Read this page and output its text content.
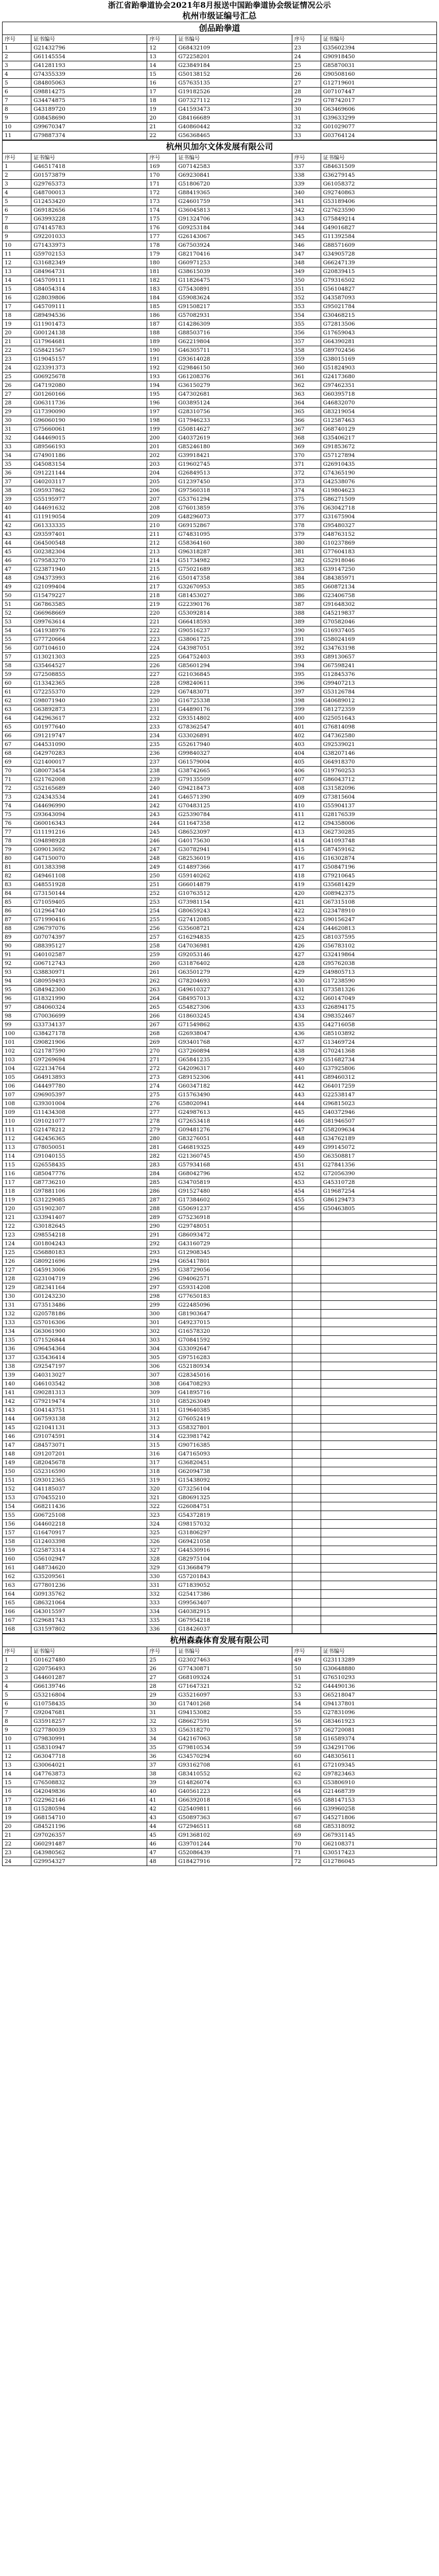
浙江省跆拳道协会2021年8月报送中国跆拳道协会级证情况公示
杭州市级证编号汇总
创品跆拳道
序号	证书编号	序号	证书编号	序号	证书编号
1	G21432796	12	G68432109	23	G35602394
2	G61145554	13	G72258201	24	G90918450
3	G41281193	14	G23849184	25	G85870031
4	G74355339	15	G50138152	26	G90508160
5	G84805063	16	G57635135	27	G12719601
6	G98814275	17	G19182526	28	G07107447
7	G34474875	18	G07327112	29	G78742017
8	G43189720	19	G41593473	30	G63469606
9	G08458690	20	G84166689	31	G39633299
10	G99670347	21	G40860442	32	G01029077
11	G79887374	22	G56368465	33	G03764124
杭州贝加尔文体发展有限公司
序号	证书编号	序号	证书编号	序号	证书编号
1	G46517418	169	G07142583	337	G84631509
2	G01573879	170	G69230841	338	G36279145
3	G29765373	171	G51806720	339	G61058372
4	G48700013	172	G88419365	340	G92740863
5	G12453420	173	G24601759	341	G53189406
6	G69182656	174	G36045813	342	G27623590
7	G63993228	175	G91324706	343	G75849214
8	G74145783	176	G09253184	344	G49016827
9	G92201033	177	G26143067	345	G11392584
10	G71433973	178	G67503924	346	G88571609
11	G59702153	179	G82170416	347	G34905728
12	G31682349	180	G60971253	348	G66247139
13	G84964731	181	G38615039	349	G20839415
14	G45709111	182	G11826475	350	G79316502
15	G84054314	183	G75430891	351	G56104827
16	G28039806	184	G59083624	352	G43587093
17	G45709111	185	G91508217	353	G95021784
18	G89494536	186	G57082931	354	G30468215
19	G11901473	187	G14286309	355	G72813506
20	G00124138	188	G88503716	356	G17659043
21	G17964681	189	G62219804	357	G64390281
22	G58421567	190	G46305711	358	G89702456
23	G19045157	191	G93614028	359	G38015169
24	G23391373	192	G29846150	360	G51824903
25	G06925678	193	G61208376	361	G24173680
26	G47192080	194	G36150279	362	G97462351
27	G01260166	195	G47302681	363	G60395718
28	G06311736	196	G03895124	364	G46832070
29	G17390090	197	G28310756	365	G83219054
30	G96060190	198	G17946233	366	G12587463
31	G75660061	199	G50814627	367	G68740129
32	G44469015	200	G40372619	368	G35406217
33	G89566193	201	G85246180	369	G91853672
34	G74901186	202	G39918421	370	G57127894
35	G45083154	203	G19602745	371	G26910435
36	G91221144	204	G26849513	372	G74365190
37	G40203117	205	G12397450	373	G42538076
38	G95937862	206	G97560318	374	G19804623
39	G55195977	207	G53761294	375	G86271509
40	G44691632	208	G76013859	376	G63042718
41	G11919054	209	G48296073	377	G31675904
42	G61333335	210	G69152867	378	G95480327
43	G93597401	211	G74831095	379	G48763152
44	G64500548	212	G58364160	380	G10237869
45	G02382304	213	G96318287	381	G77604183
46	G79583270	214	G51734982	382	G52918046
47	G23871940	215	G75021689	383	G39147250
48	G94373993	216	G50147358	384	G84385971
49	G21099404	217	G32670953	385	G60872134
50	G15479227	218	G81453027	386	G23406758
51	G67863585	219	G22390176	387	G91648302
52	G66968669	220	G53092814	388	G45219837
53	G99763614	221	G66418593	389	G70582046
54	G41938976	222	G90516237	390	G16937405
55	G77720664	223	G38061725	391	G58024169
56	G07104610	224	G43987051	392	G34763198
57	G13021303	225	G64752403	393	G89130657
58	G35464527	226	G85601294	394	G67598241
59	G72508855	227	G21036845	395	G12845376
60	G13342365	228	G98240611	396	G99407213
61	G72255370	229	G67483071	397	G53126784
62	G98071940	230	G16725338	398	G40689012
63	G63892873	231	G44890176	399	G81272359
64	G42963617	232	G93514802	400	G25051643
65	G01977640	233	G78362547	401	G76814098
66	G91219747	234	G33026891	402	G47362580
67	G44531090	235	G52617940	403	G92539021
68	G42970283	236	G99840327	404	G38207146
69	G21400017	237	G61579004	405	G64918370
70	G80073454	238	G38742665	406	G19760253
71	G21762008	239	G79135509	407	G86043712
72	G52165689	240	G94218473	408	G31582096
73	G24343534	241	G46571390	409	G73815604
74	G44696990	242	G70483125	410	G55904137
75	G93643094	243	G25390784	411	G28176539
76	G60016343	244	G11647358	412	G94358006
77	G11191216	245	G86523097	413	G62730285
78	G94898928	246	G40175630	414	G41093748
79	G09013692	247	G30782941	415	G87459162
80	G47150070	248	G82536019	416	G16302874
81	G01383398	249	G14897366	417	G50847196
82	G49461108	250	G59140262	418	G79210645
83	G48551928	251	G66014879	419	G35681429
84	G73150144	252	G10763512	420	G08942375
85	G71059405	253	G73981154	421	G67315108
86	G12964740	254	G80659243	422	G23478910
87	G71990416	255	G27412085	423	G90156247
88	G96797076	256	G35608721	424	G44620813
89	G07074397	257	G16294835	425	G81037595
90	G88395127	258	G47036981	426	G56783102
91	G40102587	259	G92053146	427	G32419864
92	G06712743	260	G31876402	428	G95762038
93	G38830971	261	G63501279	429	G49805713
94	G80959493	262	G78204693	430	G17238590
95	G84942300	263	G49610327	431	G73581326
96	G18321990	264	G84957013	432	G60147049
97	G84060324	265	G54827306	433	G26894175
98	G70036699	266	G18603245	434	G98352467
99	G33734137	267	G71549862	435	G42716058
100	G38427178	268	G26938047	436	G85103892
101	G90821906	269	G93401768	437	G13469724
102	G21787590	270	G37260894	438	G70241368
103	G97269694	271	G65841235	439	G51682734
104	G22134764	272	G42096317	440	G37925806
105	G64913893	273	G89152306	441	G89460312
106	G44497780	274	G60347182	442	G64017259
107	G96905397	275	G15763490	443	G22538147
108	G39301004	276	G58020941	444	G96815023
109	G11434308	277	G24987613	445	G40372946
110	G91021077	278	G72653418	446	G81946507
111	G21478212	279	G09481276	447	G58209634
112	G42456365	280	G83276051	448	G34762189
113	G78050051	281	G46819325	449	G99145072
114	G91040155	282	G21360745	450	G63508817
115	G26558435	283	G57934168	451	G27841356
116	G85047776	284	G68042796	452	G72056390
117	G87736210	285	G34705819	453	G45310728
118	G97881106	286	G91527480	454	G19687254
119	G31229085	287	G17384602	455	G86129473
120	G51902307	288	G50691237	456	G50463805
121	G33941407	289	G75236918		
122	G30182645	290	G29748051		
123	G98554218	291	G86093472		
124	G01804243	292	G43160729		
125	G56880183	293	G12908345		
126	G80921696	294	G65417801		
127	G45913006	295	G38729056		
128	G23104719	296	G94062571		
129	G82341164	297	G59314208		
130	G01243230	298	G77650183		
131	G73513486	299	G22485096		
132	G20578186	300	G81903647		
133	G57016306	301	G49237015		
134	G63061900	302	G16578320		
135	G71526844	303	G70841592		
136	G96454364	304	G33092647		
137	G35436414	305	G97516283		
138	G92547197	306	G52180934		
139	G40313027	307	G28345016		
140	G46103542	308	G64708293		
141	G90281313	309	G41895716		
142	G79219474	310	G85263049		
143	G04143751	311	G19640385		
144	G67593138	312	G76052419		
145	G21041131	313	G58327801		
146	G91074591	314	G23981742		
147	G84573071	315	G90716385		
148	G91207201	316	G47165093		
149	G82045678	317	G36820451		
150	G52316590	318	G62094738		
151	G93012365	319	G15438092		
152	G41185037	320	G73256104		
153	G70455210	321	G80691325		
154	G68211436	322	G26084751		
155	G06725108	323	G54372819		
156	G44602218	324	G98157032		
157	G16470917	325	G31806297		
158	G12403398	326	G69421058		
159	G25873314	327	G44530916		
160	G56102947	328	G82975104		
161	G48734620	329	G13668479		
162	G35209561	330	G57201843		
163	G77801236	331	G71839052		
164	G09135762	332	G25417386		
165	G86321064	333	G99563407		
166	G43015597	334	G40382915		
167	G29681743	335	G67954218		
168	G31597802	336	G18426037		
杭州森森体育发展有限公司
序号	证书编号	序号	证书编号	序号	证书编号
1	G01627480	25	G23027463	49	G23113289
2	G20756493	26	G77430871	50	G30648880
3	G44601287	27	G68109324	51	G76510293
4	G66139746	28	G71647321	52	G44490136
5	G53216804	29	G35216097	53	G65218047
6	G10758435	30	G17401268	54	G94137801
7	G92047681	31	G94153082	55	G27831096
8	G35918257	32	G86627591	56	G83461923
9	G27780039	33	G56318270	57	G62720081
10	G79830991	34	G42167063	58	G16589374
11	G58310947	35	G79810534	59	G34291706
12	G63047718	36	G34570294	60	G48305611
13	G30064021	37	G93162708	61	G72109345
14	G47763873	38	G83410552	62	G97823463
15	G76508832	39	G14826074	63	G53806910
16	G42049836	40	G40561223	64	G21468739
17	G22962146	41	G66392018	65	G88147153
18	G15280594	42	G25409811	66	G39960258
19	G68154710	43	G50897363	67	G45271806
20	G84521196	44	G72946511	68	G85318092
21	G97026357	45	G91368102	69	G67931145
22	G60291487	46	G39701244	70	G62108371
23	G43980562	47	G52086439	71	G30517423
24	G29954327	48	G18427916	72	G12786045
